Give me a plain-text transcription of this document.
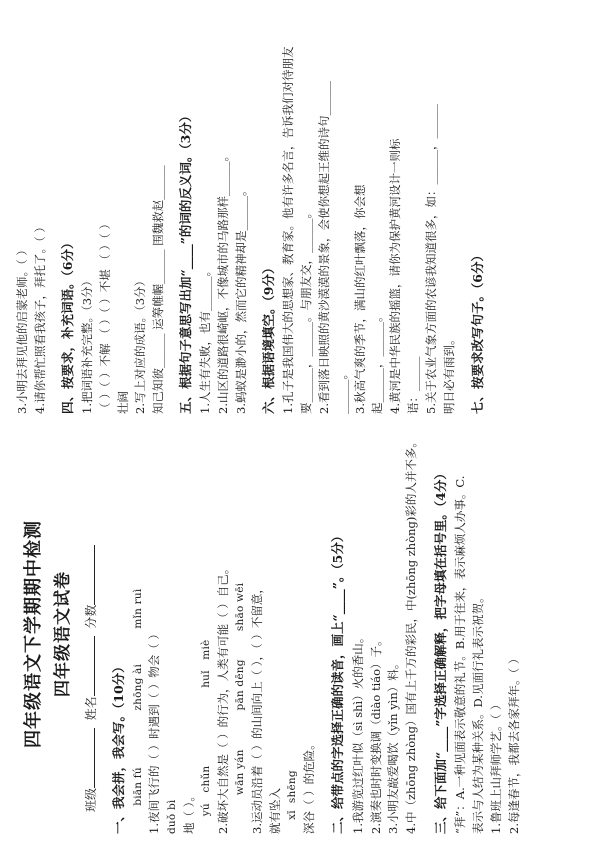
四年级语文下学期期中检测 四年级语文试卷
班级  姓名  分数
一、我会拼，我会写。（10分） biān fú                zhōng ài          mǐn ruì 1.夜间飞行的（ ）时遇到（ ）物会（ ） duǒ bì 地（ ）。 yú   chǔn                      huǐ   miè 2.破坏大自然是（ ）的行为，人类有可能（ ）自己。 wān yán           pān dēng        shāo wēi 3.运动员沿着（ ）的山间向上（ ），（ ）不留意， 就有坠入 xī  shēng 深谷（ ）的危险。 二、给带点的字选择正确的读音，画上“____”。（5分） 1.我游览过红叶似（sì shì）火的香山。 2.演奏也时时变换调（diào tiáo）子。 3.小明友敲爱喝饮（yǐn yìn）料。 4.中（zhōng zhòng）国有上千万的彩民，中(zhōng zhòng)彩的人并不多。 三、给下面加“____”字选择正确解释，把字母填在括号里。（4分） “拜”：A.一种见面表示敬意的礼节。B.用于往来，表示麻烦人办事。C. 表示与人结为某种关系。D.见面行礼表示祝贺。 1.鲁班上山拜师学艺。（ ） 2.每逢春节，我都去各家拜年。（ ）
3.小明去拜见他的启蒙老师。（ ） 4.请你帮忙照看我孩子，拜托了。（ ） 四、按要求，补充词语。（6分） 1.把词语补充完整。（3分） （ ）（ ）不解 （ ）（ ）不堪 （ ）（ ） 壮阔 2.写上对应的成语。（3分） 知己知彼______ 运筹帷幄______ 围魏救赵______ 五、根据句子意思写出加“____”的词的反义词。（3分） 1.人生有失败，也有______。 2.山区的道路很崎岖，不像城市的马路那样______。 3.蚂蚁是渺小的，然而它的精神却是______。 六、根据语境填空。（9分） 1.孔子是我国伟大的思想家、教育家。他有许多名言，告诉我们对待朋友 要______，______。与朋友交，______。 2.看到落日映照的黄沙漠漠的景象，会使你想起王维的诗句______ ______。 3.秋高气爽的季节，满山的红叶飘落，你会想 起______，______。 4.黄河是中华民族的摇篮，请你为保护黄河设计一则标 语：______ 5.关于农业气象方面的农谚我知道很多，如：______，______ 明日必有雨到。 七、按要求改写句子。（6分）
